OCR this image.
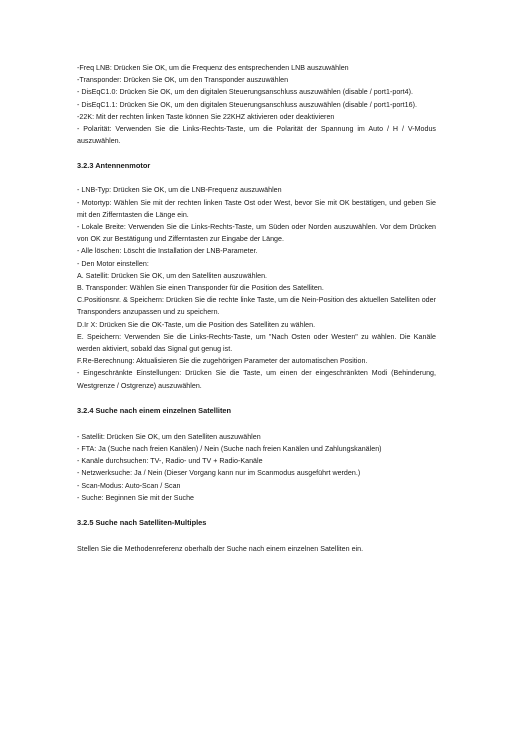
-Freq LNB: Drücken Sie OK, um die Frequenz des entsprechenden LNB auszuwählen

-Transponder: Drücken Sie OK, um den Transponder auszuwählen

- DisEqC1.0: Drücken Sie OK, um den digitalen Steuerungsanschluss auszuwählen (disable / port1-port4).

- DisEqC1.1: Drücken Sie OK, um den digitalen Steuerungsanschluss auszuwählen (disable / port1-port16).

-22K: Mit der rechten linken Taste können Sie 22KHZ aktivieren oder deaktivieren

- Polarität: Verwenden Sie die Links-Rechts-Taste, um die Polarität der Spannung im Auto / H / V-Modus auszuwählen.

3.2.3 Antennenmotor

- LNB-Typ: Drücken Sie OK, um die LNB-Frequenz auszuwählen

- Motortyp: Wählen Sie mit der rechten linken Taste Ost oder West, bevor Sie mit OK bestätigen, und geben Sie mit den Zifferntasten die Länge ein.

- Lokale Breite: Verwenden Sie die Links-Rechts-Taste, um Süden oder Norden auszuwählen. Vor dem Drücken von OK zur Bestätigung und Zifferntasten zur Eingabe der Länge.

- Alle löschen: Löscht die Installation der LNB-Parameter.

- Den Motor einstellen:

A. Satellit: Drücken Sie OK, um den Satelliten auszuwählen.

B. Transponder: Wählen Sie einen Transponder für die Position des Satelliten.

C.Positionsnr. & Speichern: Drücken Sie die rechte linke Taste, um die Nein-Position des aktuellen Satelliten oder Transponders anzupassen und zu speichern.

D.Ir X: Drücken Sie die OK-Taste, um die Position des Satelliten zu wählen.

E. Speichern: Verwenden Sie die Links-Rechts-Taste, um "Nach Osten oder Westen" zu wählen. Die Kanäle werden aktiviert, sobald das Signal gut genug ist.

F.Re-Berechnung: Aktualisieren Sie die zugehörigen Parameter der automatischen Position.

- Eingeschränkte Einstellungen: Drücken Sie die Taste, um einen der eingeschränkten Modi (Behinderung, Westgrenze / Ostgrenze) auszuwählen.

3.2.4 Suche nach einem einzelnen Satelliten

- Satellit: Drücken Sie OK, um den Satelliten auszuwählen

- FTA: Ja (Suche nach freien Kanälen) / Nein (Suche nach freien Kanälen und Zahlungskanälen)

- Kanäle durchsuchen: TV-, Radio- und TV + Radio-Kanäle

- Netzwerksuche: Ja / Nein (Dieser Vorgang kann nur im Scanmodus ausgeführt werden.)

- Scan-Modus: Auto-Scan / Scan

- Suche: Beginnen Sie mit der Suche

3.2.5 Suche nach Satelliten-Multiples

Stellen Sie die Methodenreferenz oberhalb der Suche nach einem einzelnen Satelliten ein.
